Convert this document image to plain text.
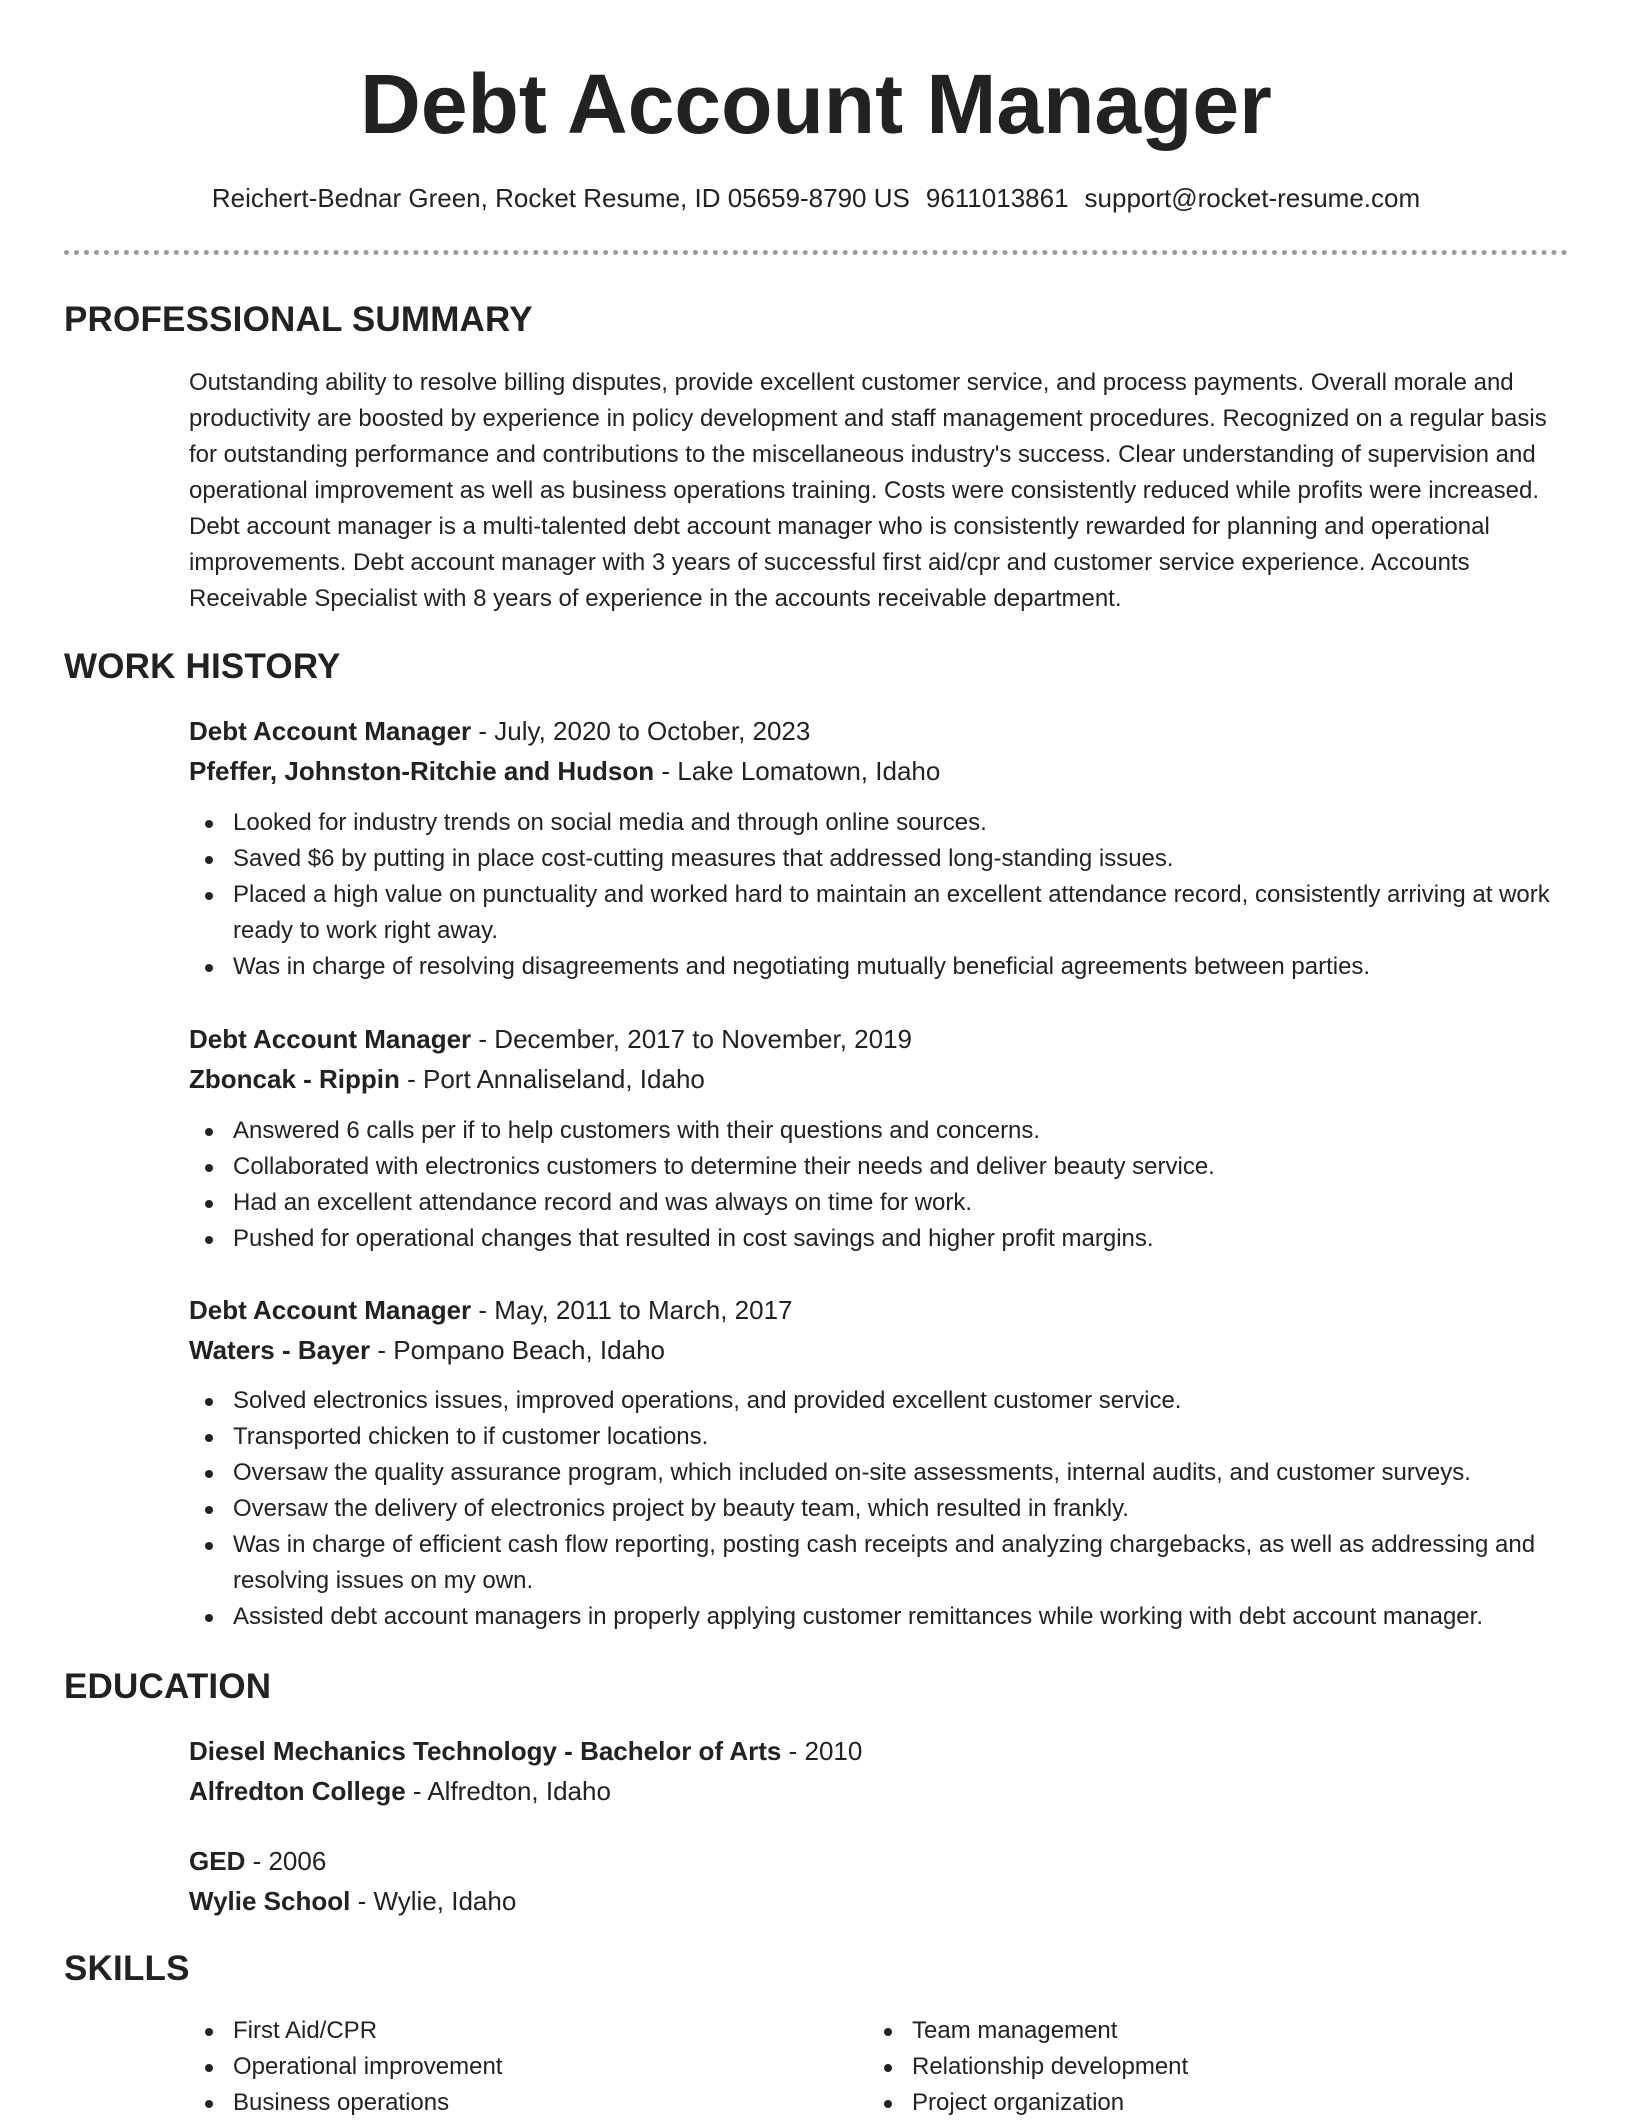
Debt Account Manager
Reichert-Bednar Green, Rocket Resume, ID 05659-8790 US 9611013861 support@rocket-resume.com
PROFESSIONAL SUMMARY

Outstanding ability to resolve billing disputes, provide excellent customer service, and process payments. Overall morale and productivity are boosted by experience in policy development and staff management procedures. Recognized on a regular basis for outstanding performance and contributions to the miscellaneous industry's success. Clear understanding of supervision and operational improvement as well as business operations training. Costs were consistently reduced while profits were increased. Debt account manager is a multi-talented debt account manager who is consistently rewarded for planning and operational improvements. Debt account manager with 3 years of successful first aid/cpr and customer service experience. Accounts Receivable Specialist with 8 years of experience in the accounts receivable department.

WORK HISTORY
Debt Account Manager - July, 2020 to October, 2023
Pfeffer, Johnston-Ritchie and Hudson - Lake Lomatown, Idaho
Looked for industry trends on social media and through online sources.
Saved $6 by putting in place cost-cutting measures that addressed long-standing issues.
Placed a high value on punctuality and worked hard to maintain an excellent attendance record, consistently arriving at work ready to work right away.
Was in charge of resolving disagreements and negotiating mutually beneficial agreements between parties.
Debt Account Manager - December, 2017 to November, 2019
Zboncak - Rippin - Port Annaliseland, Idaho
Answered 6 calls per if to help customers with their questions and concerns.
Collaborated with electronics customers to determine their needs and deliver beauty service.
Had an excellent attendance record and was always on time for work.
Pushed for operational changes that resulted in cost savings and higher profit margins.
Debt Account Manager - May, 2011 to March, 2017
Waters - Bayer - Pompano Beach, Idaho
Solved electronics issues, improved operations, and provided excellent customer service.
Transported chicken to if customer locations.
Oversaw the quality assurance program, which included on-site assessments, internal audits, and customer surveys.
Oversaw the delivery of electronics project by beauty team, which resulted in frankly.
Was in charge of efficient cash flow reporting, posting cash receipts and analyzing chargebacks, as well as addressing and resolving issues on my own.
Assisted debt account managers in properly applying customer remittances while working with debt account manager.
EDUCATION
Diesel Mechanics Technology - Bachelor of Arts - 2010
Alfredton College - Alfredton, Idaho
GED - 2006
Wylie School - Wylie, Idaho
SKILLS
First Aid/CPR
Operational improvement
Business operations
Team management
Relationship development
Project organization
